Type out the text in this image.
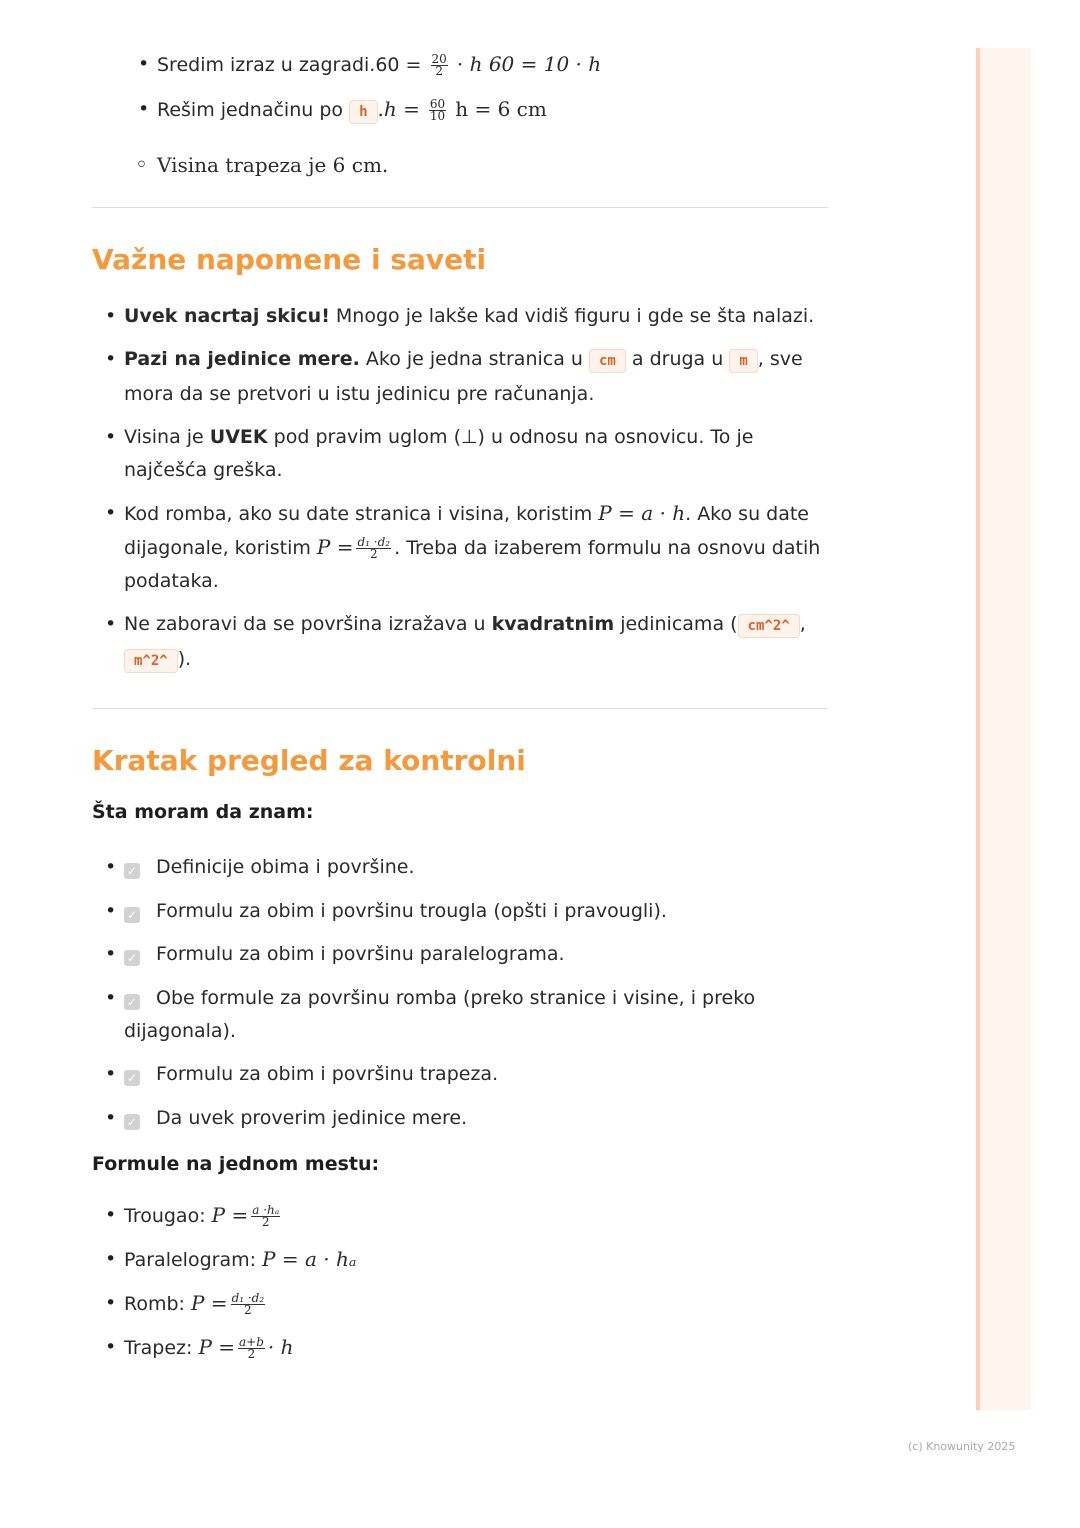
• Sredim izraz u zagradi.60 = $\frac{20}{2} \cdot h$ 60 = 10 · h
• Rešim jednačinu po h $.h = \frac{60}{10}$ h = 6 cm
◦ Visina trapeza je 6 cm.
Važne napomene i saveti
• Uvek nacrtaj skicu! Mnogo je lakše kad vidiš figuru i gde se šta nalazi.
• Pazi na jedinice mere. Ako je jedna stranica u cm a druga u m , sve mora da se pretvori u istu jedinicu pre računanja.
• Visina je UVEK pod pravim uglom (⊥) u odnosu na osnovicu. To je najčešća greška.
• Kod romba, ako su date stranica i visina, koristim P = a · h. Ako su date dijagonale, koristim $P = \frac{\text{d₁ ·d₂}}{2}$ . Treba da izaberem formulu na osnovu datih podataka.
• Ne zaboravi da se površina izražava u kvadratnim jedinicama ( cm^2^ , m^2^ ).
Kratak pregled za kontrolni
Šta moram da znam:
• ✓ Definicije obima i površine.
• ✓ Formulu za obim i površinu trougla (opšti i pravougli).
• ✓ Formulu za obim i površinu paralelograma.
• ✓ Obe formule za površinu romba (preko stranice i visine, i preko dijagonala).
• ✓ Formulu za obim i površinu trapeza.
• ✓ Da uvek proverim jedinice mere.
Formule na jednom mestu:
• Trougao: $P = \frac{\text{a ·hₐ}}{2}$
• Paralelogram: P = a · hₐ
• Romb: $P = \frac{\text{d₁ ·d₂}}{2}$
• Trapez: $P = \frac{a+b}{2} \cdot h$
(c) Knowunity 2025
